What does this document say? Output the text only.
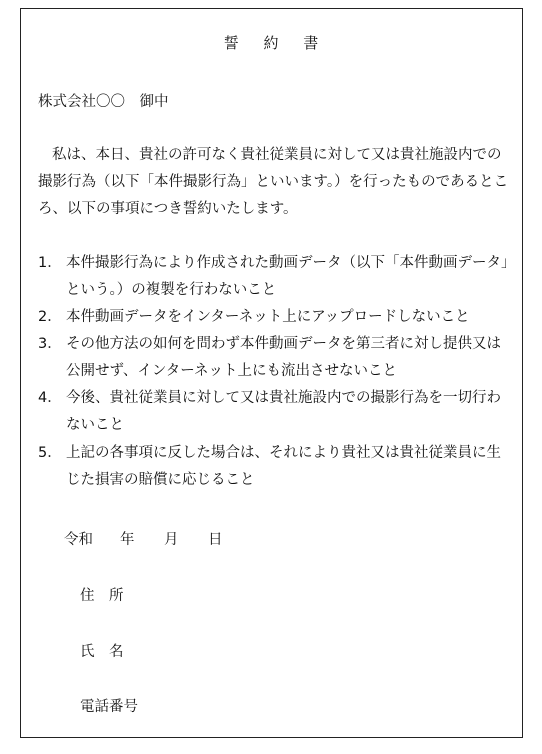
誓 約 書
株式会社〇〇　御中
私は、本日、貴社の許可なく貴社従業員に対して又は貴社施設内での撮影行為（以下「本件撮影行為」といいます。）を行ったものであるところ、以下の事項につき誓約いたします。
1． 本件撮影行為により作成された動画データ（以下「本件動画データ」という。）の複製を行わないこと
2． 本件動画データをインターネット上にアップロードしないこと
3． その他方法の如何を問わず本件動画データを第三者に対し提供又は公開せず、インターネット上にも流出させないこと
4． 今後、貴社従業員に対して又は貴社施設内での撮影行為を一切行わないこと
5． 上記の各事項に反した場合は、それにより貴社又は貴社従業員に生じた損害の賠償に応じること
令和	年	月	日
住　所
氏　名
電話番号
